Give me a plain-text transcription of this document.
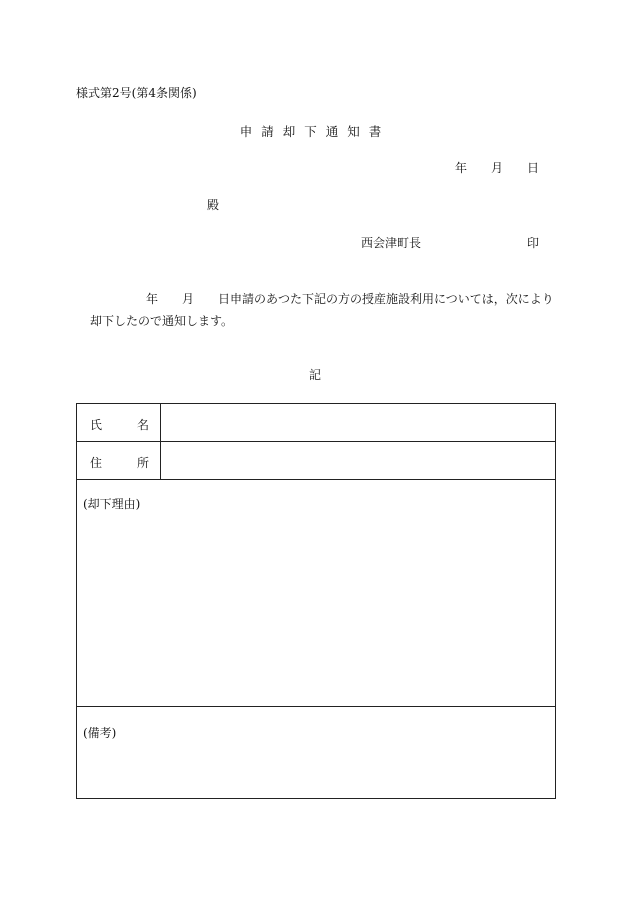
様式第2号(第4条関係)
申請却下通知書
年 月 日
殿
西会津町長	印
年　　月　　日申請のあつた下記の方の授産施設利用については，次により
却下したので通知します。
記
氏	名
住	所
(却下理由)
(備考)
